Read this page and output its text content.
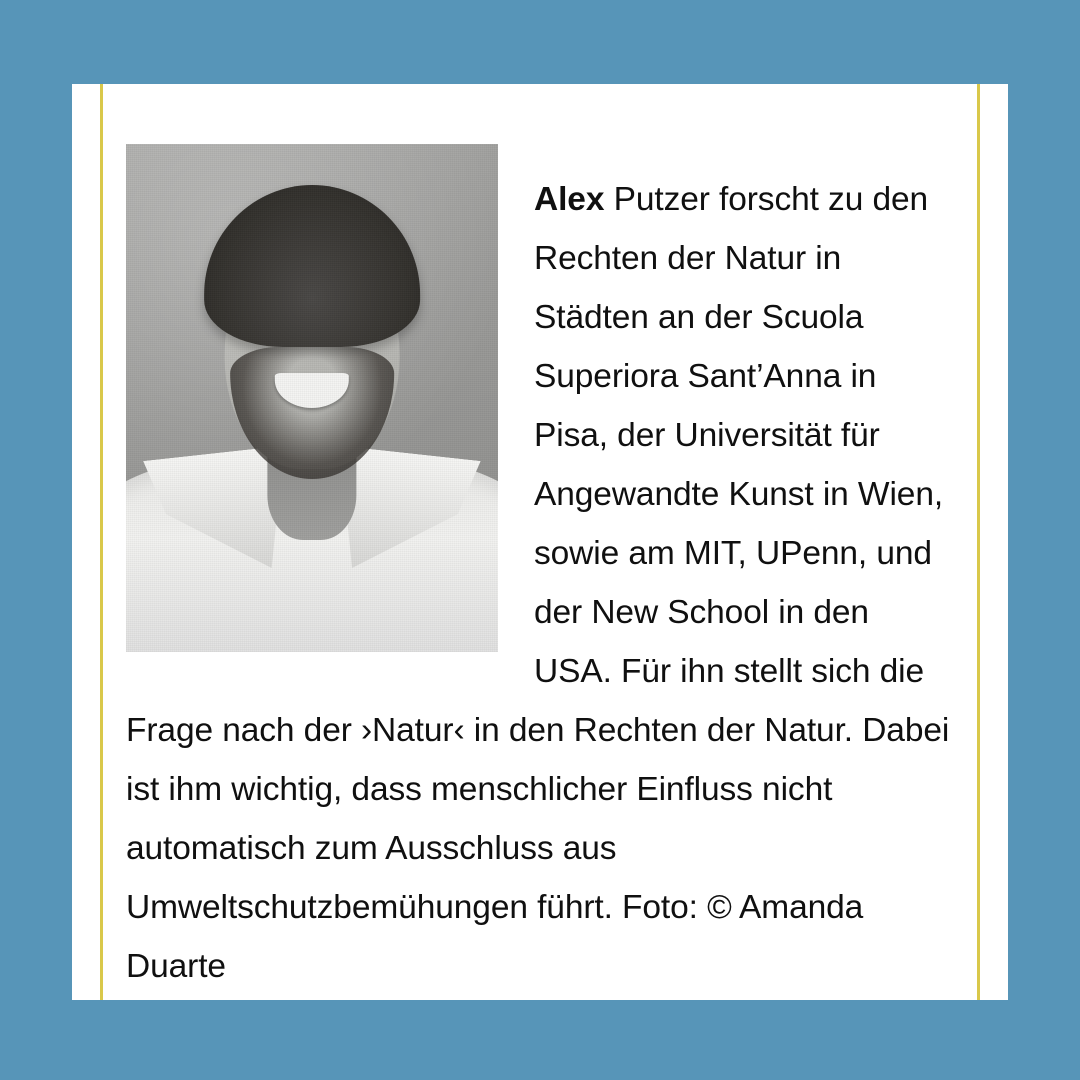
Alex Putzer forscht zu den Rechten der Natur in Städten an der Scuola Superiora Sant’Anna in Pisa, der Universität für Angewandte Kunst in Wien, sowie am MIT, UPenn, und der New School in den USA. Für ihn stellt sich die Frage nach der ›Natur‹ in den Rechten der Natur. Dabei ist ihm wichtig, dass menschlicher Einfluss nicht automatisch zum Ausschluss aus Umweltschutzbemühungen führt. Foto: © Amanda Duarte
